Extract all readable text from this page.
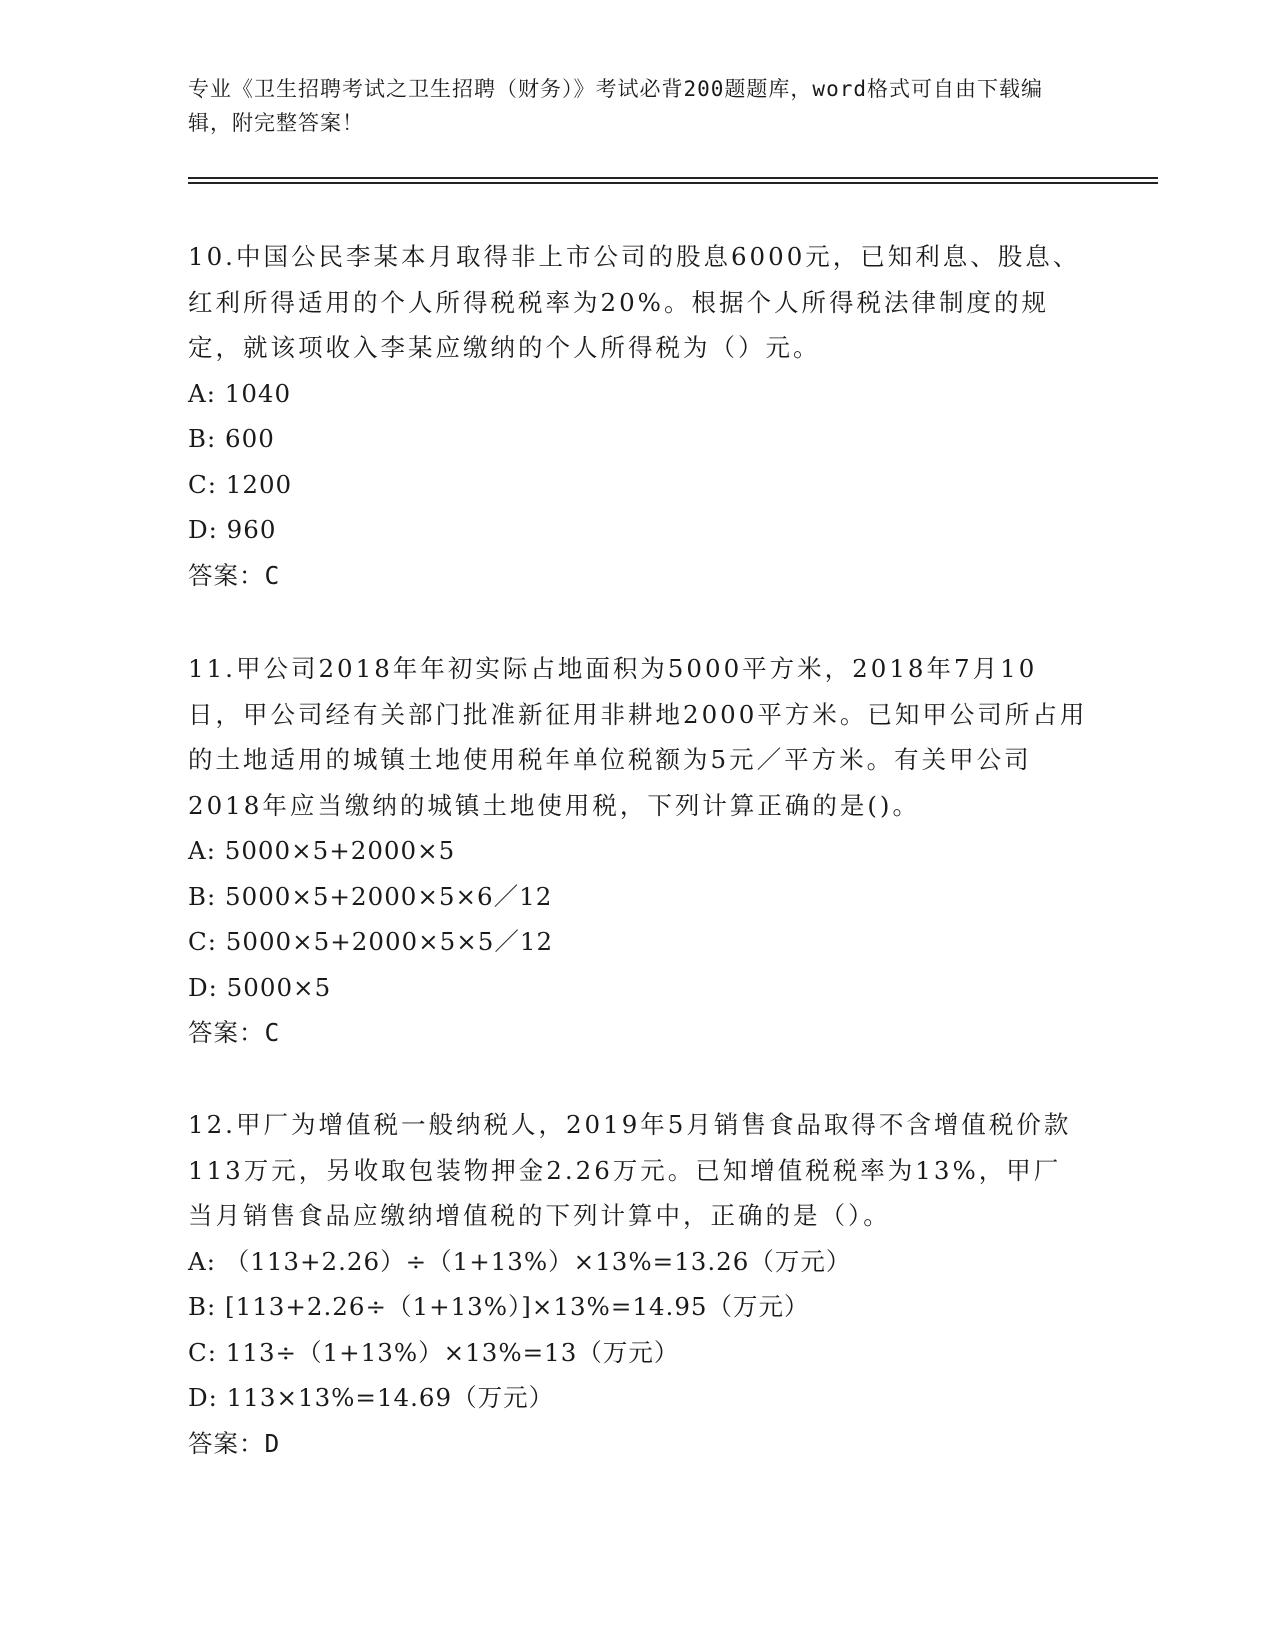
专业《卫生招聘考试之卫生招聘（财务）》考试必背200题题库，word格式可自由下载编辑，附完整答案！

10.中国公民李某本月取得非上市公司的股息6000元，已知利息、股息、红利所得适用的个人所得税税率为20%。根据个人所得税法律制度的规定，就该项收入李某应缴纳的个人所得税为（）元。

A: 1040

B: 600

C: 1200

D: 960

答案：C

11.甲公司2018年年初实际占地面积为5000平方米，2018年7月10日，甲公司经有关部门批准新征用非耕地2000平方米。已知甲公司所占用的土地适用的城镇土地使用税年单位税额为5元／平方米。有关甲公司2018年应当缴纳的城镇土地使用税，下列计算正确的是()。

A: 5000×5+2000×5

B: 5000×5+2000×5×6／12

C: 5000×5+2000×5×5／12

D: 5000×5

答案：C

12.甲厂为增值税一般纳税人，2019年5月销售食品取得不含增值税价款113万元，另收取包装物押金2.26万元。已知增值税税率为13%，甲厂当月销售食品应缴纳增值税的下列计算中，正确的是（）。

A: （113+2.26）÷（1+13%）×13%=13.26（万元）

B: [113+2.26÷（1+13%）]×13%=14.95（万元）

C: 113÷（1+13%）×13%=13（万元）

D: 113×13%=14.69（万元）

答案：D
